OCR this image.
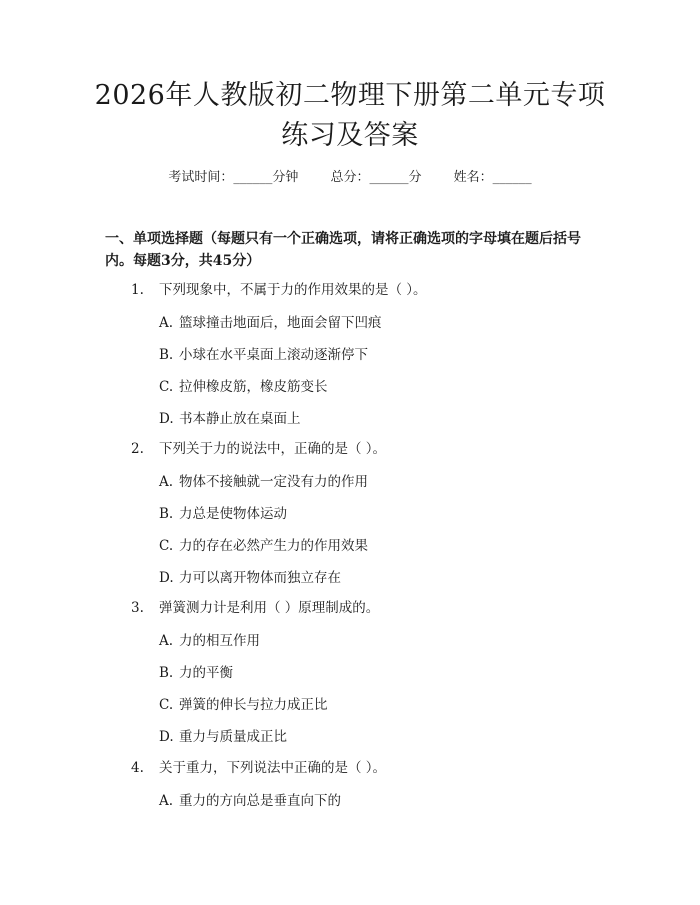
2026年人教版初二物理下册第二单元专项练习及答案
考试时间：______分钟 总分：______分 姓名：______
一、单项选择题（每题只有一个正确选项，请将正确选项的字母填在题后括号内。每题3分，共45分）
1. 下列现象中，不属于力的作用效果的是（ ）。
A. 篮球撞击地面后，地面会留下凹痕
B. 小球在水平桌面上滚动逐渐停下
C. 拉伸橡皮筋，橡皮筋变长
D. 书本静止放在桌面上
2. 下列关于力的说法中，正确的是（ ）。
A. 物体不接触就一定没有力的作用
B. 力总是使物体运动
C. 力的存在必然产生力的作用效果
D. 力可以离开物体而独立存在
3. 弹簧测力计是利用（ ）原理制成的。
A. 力的相互作用
B. 力的平衡
C. 弹簧的伸长与拉力成正比
D. 重力与质量成正比
4. 关于重力，下列说法中正确的是（ ）。
A. 重力的方向总是垂直向下的
